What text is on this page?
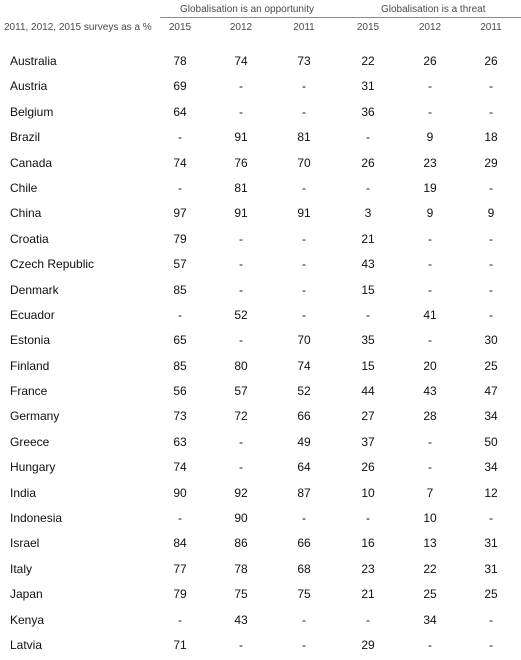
Globalisation is an opportunity	Globalisation is a threat
2011, 2012, 2015 surveys as a %	2015	2012	2011	2015	2012	2011
Australia	78	74	73	22	26	26
Austria	69	-	-	31	-	-
Belgium	64	-	-	36	-	-
Brazil	-	91	81	-	9	18
Canada	74	76	70	26	23	29
Chile	-	81	-	-	19	-
China	97	91	91	3	9	9
Croatia	79	-	-	21	-	-
Czech Republic	57	-	-	43	-	-
Denmark	85	-	-	15	-	-
Ecuador	-	52	-	-	41	-
Estonia	65	-	70	35	-	30
Finland	85	80	74	15	20	25
France	56	57	52	44	43	47
Germany	73	72	66	27	28	34
Greece	63	-	49	37	-	50
Hungary	74	-	64	26	-	34
India	90	92	87	10	7	12
Indonesia	-	90	-	-	10	-
Israel	84	86	66	16	13	31
Italy	77	78	68	23	22	31
Japan	79	75	75	21	25	25
Kenya	-	43	-	-	34	-
Latvia	71	-	-	29	-	-
